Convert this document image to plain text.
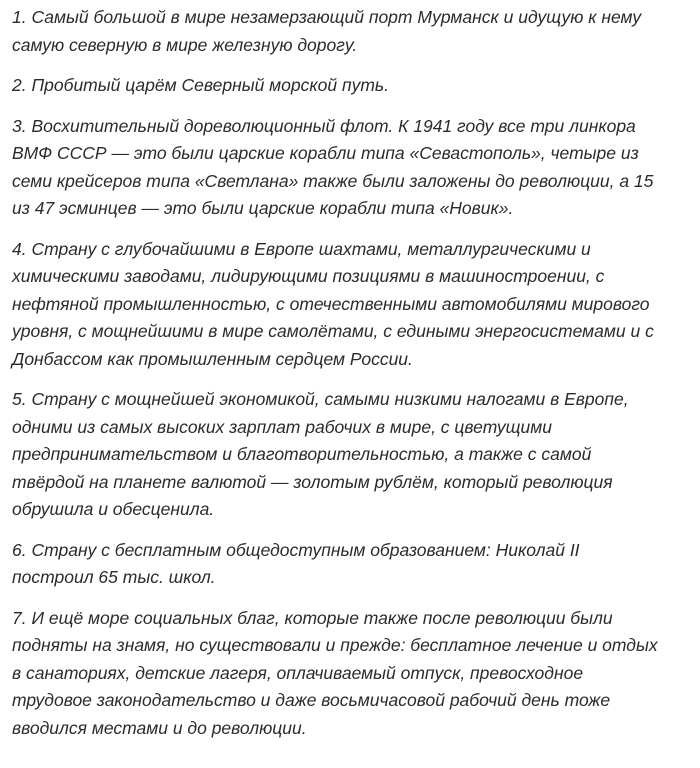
1. Самый большой в мире незамерзающий порт Мурманск и идущую к нему
самую северную в мире железную дорогу.
2. Пробитый царём Северный морской путь.
3. Восхитительный дореволюционный флот. К 1941 году все три линкора
ВМФ СССР — это были царские корабли типа «Севастополь», четыре из
семи крейсеров типа «Светлана» также были заложены до революции, а 15
из 47 эсминцев — это были царские корабли типа «Новик».
4. Страну с глубочайшими в Европе шахтами, металлургическими и
химическими заводами, лидирующими позициями в машиностроении, с
нефтяной промышленностью, с отечественными автомобилями мирового
уровня, с мощнейшими в мире самолётами, с едиными энергосистемами и с
Донбассом как промышленным сердцем России.
5. Страну с мощнейшей экономикой, самыми низкими налогами в Европе,
одними из самых высоких зарплат рабочих в мире, с цветущими
предпринимательством и благотворительностью, а также с самой
твёрдой на планете валютой — золотым рублём, который революция
обрушила и обесценила.
6. Страну с бесплатным общедоступным образованием: Николай II
построил 65 тыс. школ.
7. И ещё море социальных благ, которые также после революции были
подняты на знамя, но существовали и прежде: бесплатное лечение и отдых
в санаториях, детские лагеря, оплачиваемый отпуск, превосходное
трудовое законодательство и даже восьмичасовой рабочий день тоже
вводился местами и до революции.
